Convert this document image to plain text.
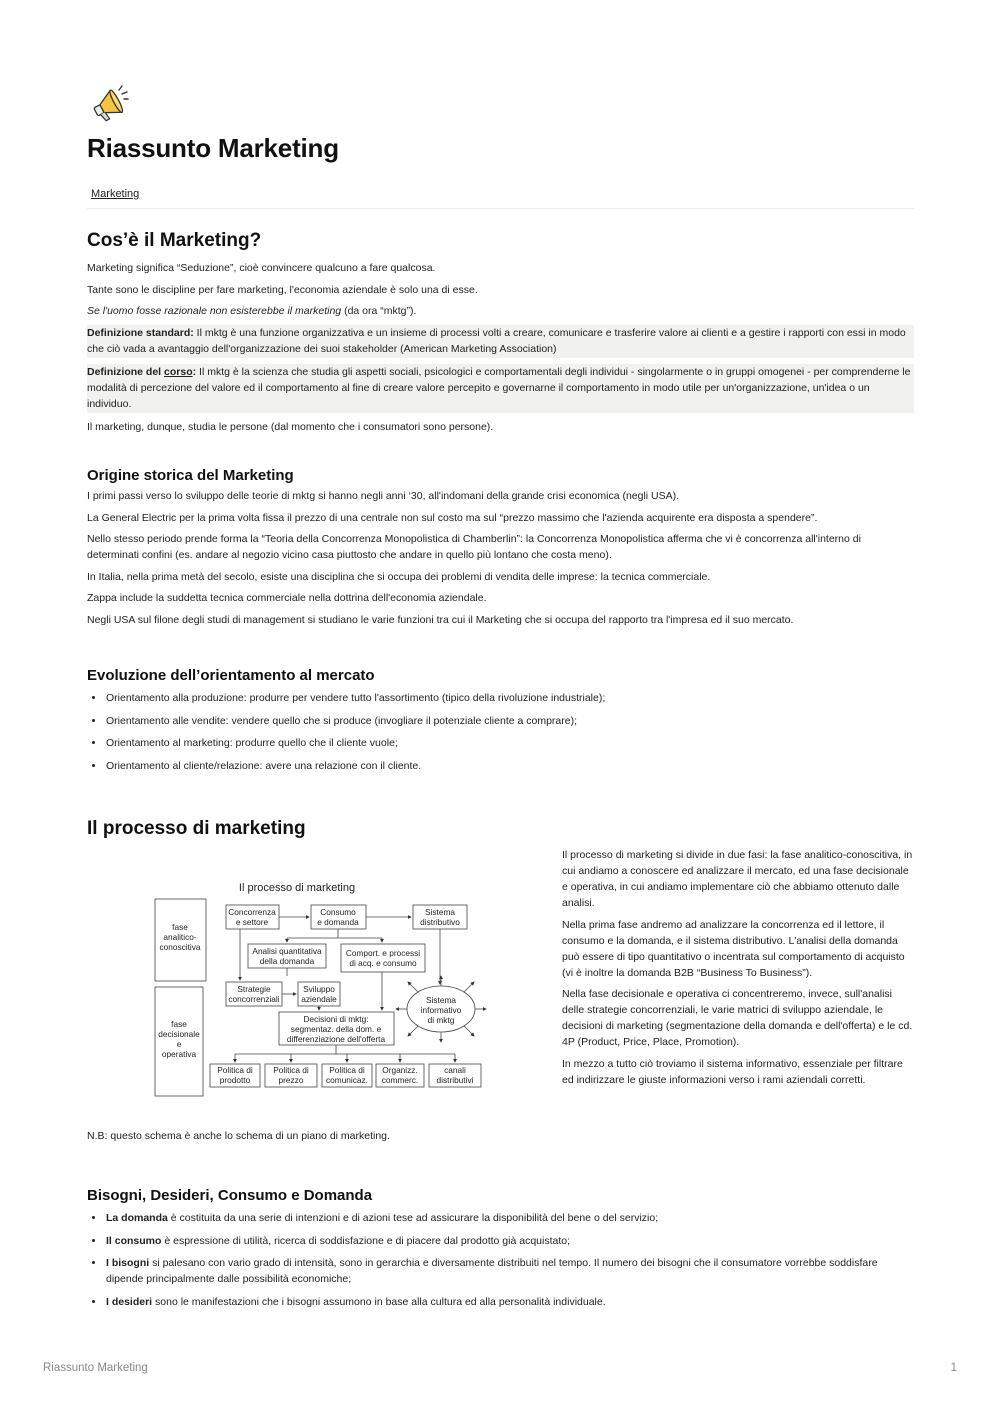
Riassunto Marketing
Marketing
Cos’è il Marketing?

Marketing significa “Seduzione”, cioè convincere qualcuno a fare qualcosa.

Tante sono le discipline per fare marketing, l'economia aziendale è solo una di esse.

Se l'uomo fosse razionale non esisterebbe il marketing (da ora “mktg”).

Definizione standard: Il mktg è una funzione organizzativa e un insieme di processi volti a creare, comunicare e trasferire valore ai clienti e a gestire i rapporti con essi in modo che ciò vada a avantaggio dell'organizzazione dei suoi stakeholder (American Marketing Association)

Definizione del corso: Il mktg è la scienza che studia gli aspetti sociali, psicologici e comportamentali degli individui - singolarmente o in gruppi omogenei - per comprenderne le modalità di percezione del valore ed il comportamento al fine di creare valore percepito e governarne il comportamento in modo utile per un'organizzazione, un'idea o un individuo.

Il marketing, dunque, studia le persone (dal momento che i consumatori sono persone).

Origine storica del Marketing

I primi passi verso lo sviluppo delle teorie di mktg si hanno negli anni ‘30, all'indomani della grande crisi economica (negli USA).

La General Electric per la prima volta fissa il prezzo di una centrale non sul costo ma sul “prezzo massimo che l'azienda acquirente era disposta a spendere”.

Nello stesso periodo prende forma la “Teoria della Concorrenza Monopolistica di Chamberlin”: la Concorrenza Monopolistica afferma che vi è concorrenza all'interno di determinati confini (es. andare al negozio vicino casa piuttosto che andare in quello più lontano che costa meno).

In Italia, nella prima metà del secolo, esiste una disciplina che si occupa dei problemi di vendita delle imprese: la tecnica commerciale.

Zappa include la suddetta tecnica commerciale nella dottrina dell'economia aziendale.

Negli USA sul filone degli studi di management si studiano le varie funzioni tra cui il Marketing che si occupa del rapporto tra l'impresa ed il suo mercato.

Evoluzione dell’orientamento al mercato
• Orientamento alla produzione: produrre per vendere tutto l'assortimento (tipico della rivoluzione industriale);
• Orientamento alle vendite: vendere quello che si produce (invogliare il potenziale cliente a comprare);
• Orientamento al marketing: produrre quello che il cliente vuole;
• Orientamento al cliente/relazione: avere una relazione con il cliente.
Il processo di marketing
Il processo di marketing
fase analitico-conoscitiva
fase decisionale e operativa
Concorrenza e settore
Consumo e domanda
Sistema distributivo
Analisi quantitativa della domanda
Comport. e processi di acq. e consumo
Strategie concorrenziali
Sviluppo aziendale
Decisioni di mktg: segmentaz. della dom. e differenziazione dell'offerta
Sistema informativo di mktg
Politica di prodotto
Politica di prezzo
Politica di comunicaz.
Organizz. commerc.
canali distributivi

Il processo di marketing si divide in due fasi: la fase analitico-conoscitiva, in cui andiamo a conoscere ed analizzare il mercato, ed una fase decisionale e operativa, in cui andiamo implementare ciò che abbiamo ottenuto dalle analisi.

Nella prima fase andremo ad analizzare la concorrenza ed il lettore, il consumo e la domanda, e il sistema distributivo. L'analisi della domanda può essere di tipo quantitativo o incentrata sul comportamento di acquisto (vi è inoltre la domanda B2B “Business To Business”).

Nella fase decisionale e operativa ci concentreremo, invece, sull'analisi delle strategie concorrenziali, le varie matrici di sviluppo aziendale, le decisioni di marketing (segmentazione della domanda e dell'offerta) e le cd. 4P (Product, Price, Place, Promotion).

In mezzo a tutto ciò troviamo il sistema informativo, essenziale per filtrare ed indirizzare le giuste informazioni verso i rami aziendali corretti.

N.B: questo schema è anche lo schema di un piano di marketing.

Bisogni, Desideri, Consumo e Domanda
• La domanda è costituita da una serie di intenzioni e di azioni tese ad assicurare la disponibilità del bene o del servizio;
• Il consumo è espressione di utilità, ricerca di soddisfazione e di piacere dal prodotto già acquistato;
• I bisogni si palesano con vario grado di intensità, sono in gerarchia e diversamente distribuiti nel tempo. Il numero dei bisogni che il consumatore vorrebbe soddisfare dipende principalmente dalle possibilità economiche;
• I desideri sono le manifestazioni che i bisogni assumono in base alla cultura ed alla personalità individuale.
Riassunto Marketing	1
